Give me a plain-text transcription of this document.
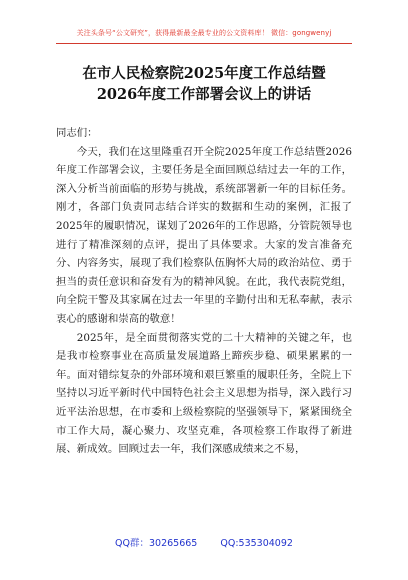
关注头条号“公文研究”，获得最新最全最专业的公文资料库！ 微信：gongwenyj
在市人民检察院2025年度工作总结暨
2026年度工作部署会议上的讲话

同志们：

今天，我们在这里隆重召开全院2025年度工作总结暨2026年度工作部署会议，主要任务是全面回顾总结过去一年的工作，深入分析当前面临的形势与挑战，系统部署新一年的目标任务。刚才，各部门负责同志结合详实的数据和生动的案例，汇报了2025年的履职情况，谋划了2026年的工作思路，分管院领导也进行了精准深刻的点评，提出了具体要求。大家的发言准备充分、内容务实，展现了我们检察队伍胸怀大局的政治站位、勇于担当的责任意识和奋发有为的精神风貌。在此，我代表院党组，向全院干警及其家属在过去一年里的辛勤付出和无私奉献，表示衷心的感谢和崇高的敬意！

2025年，是全面贯彻落实党的二十大精神的关键之年，也是我市检察事业在高质量发展道路上蹄疾步稳、硕果累累的一年。面对错综复杂的外部环境和艰巨繁重的履职任务，全院上下坚持以习近平新时代中国特色社会主义思想为指导，深入践行习近平法治思想，在市委和上级检察院的坚强领导下，紧紧围绕全市工作大局，凝心聚力、攻坚克难，各项检察工作取得了新进展、新成效。回顾过去一年，我们深感成绩来之不易，

QQ群：30265665 QQ:535304092
